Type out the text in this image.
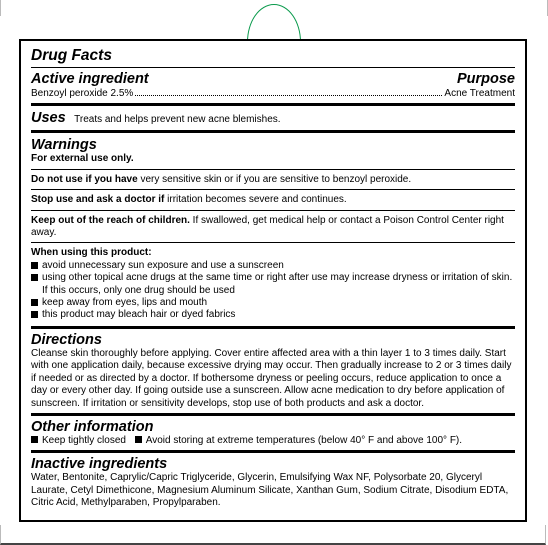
Drug Facts
Active ingredient	Purpose
Benzoyl peroxide 2.5%	Acne Treatment
Uses Treats and helps prevent new acne blemishes.
Warnings
For external use only.
Do not use if you have very sensitive skin or if you are sensitive to benzoyl peroxide.
Stop use and ask a doctor if irritation becomes severe and continues.
Keep out of the reach of children. If swallowed, get medical help or contact a Poison Control Center right away.
When using this product:
avoid unnecessary sun exposure and use a sunscreen
using other topical acne drugs at the same time or right after use may increase dryness or irritation of skin. If this occurs, only one drug should be used
keep away from eyes, lips and mouth
this product may bleach hair or dyed fabrics
Directions
Cleanse skin thoroughly before applying. Cover entire affected area with a thin layer 1 to 3 times daily. Start with one application daily, because excessive drying may occur. Then gradually increase to 2 or 3 times daily if needed or as directed by a doctor. If bothersome dryness or peeling occurs, reduce application to once a day or every other day. If going outside use a sunscreen. Allow acne medication to dry before application of sunscreen. If irritation or sensitivity develops, stop use of both products and ask a doctor.
Other information
Keep tightly closed Avoid storing at extreme temperatures (below 40° F and above 100° F).
Inactive ingredients
Water, Bentonite, Caprylic/Capric Triglyceride, Glycerin, Emulsifying Wax NF, Polysorbate 20, Glyceryl Laurate, Cetyl Dimethicone, Magnesium Aluminum Silicate, Xanthan Gum, Sodium Citrate, Disodium EDTA, Citric Acid, Methylparaben, Propylparaben.
